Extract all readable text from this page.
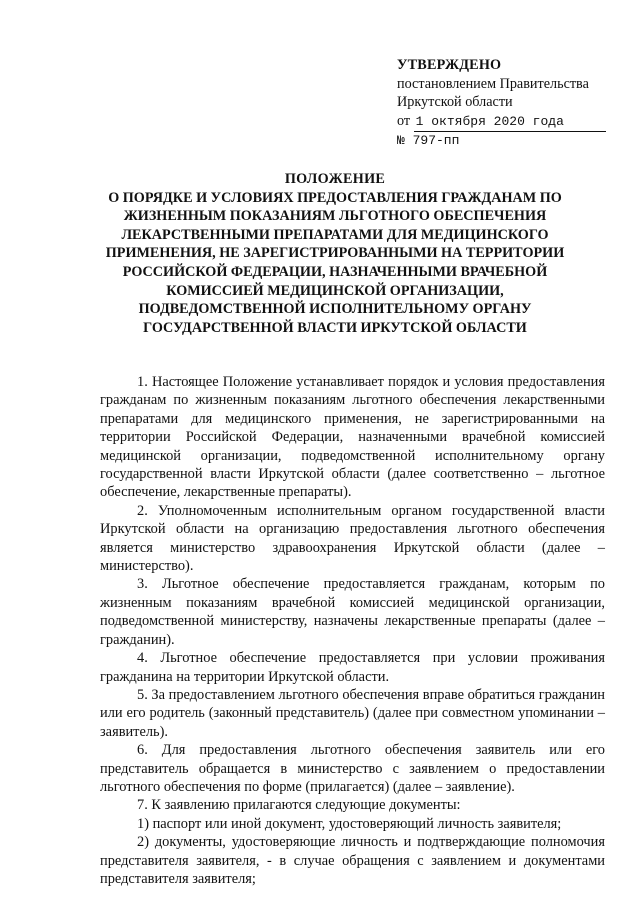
УТВЕРЖДЕНО
постановлением Правительства
Иркутской области
от 1 октября 2020 года
№ 797-пп
ПОЛОЖЕНИЕ
О ПОРЯДКЕ И УСЛОВИЯХ ПРЕДОСТАВЛЕНИЯ ГРАЖДАНАМ ПО ЖИЗНЕННЫМ ПОКАЗАНИЯМ ЛЬГОТНОГО ОБЕСПЕЧЕНИЯ ЛЕКАРСТВЕННЫМИ ПРЕПАРАТАМИ ДЛЯ МЕДИЦИНСКОГО ПРИМЕНЕНИЯ, НЕ ЗАРЕГИСТРИРОВАННЫМИ НА ТЕРРИТОРИИ РОССИЙСКОЙ ФЕДЕРАЦИИ, НАЗНАЧЕННЫМИ ВРАЧЕБНОЙ КОМИССИЕЙ МЕДИЦИНСКОЙ ОРГАНИЗАЦИИ, ПОДВЕДОМСТВЕННОЙ ИСПОЛНИТЕЛЬНОМУ ОРГАНУ ГОСУДАРСТВЕННОЙ ВЛАСТИ ИРКУТСКОЙ ОБЛАСТИ

1. Настоящее Положение устанавливает порядок и условия предоставления гражданам по жизненным показаниям льготного обеспечения лекарственными препаратами для медицинского применения, не зарегистрированными на территории Российской Федерации, назначенными врачебной комиссией медицинской организации, подведомственной исполнительному органу государственной власти Иркутской области (далее соответственно – льготное обеспечение, лекарственные препараты).

2. Уполномоченным исполнительным органом государственной власти Иркутской области на организацию предоставления льготного обеспечения является министерство здравоохранения Иркутской области (далее – министерство).

3. Льготное обеспечение предоставляется гражданам, которым по жизненным показаниям врачебной комиссией медицинской организации, подведомственной министерству, назначены лекарственные препараты (далее – гражданин).

4. Льготное обеспечение предоставляется при условии проживания гражданина на территории Иркутской области.

5. За предоставлением льготного обеспечения вправе обратиться гражданин или его родитель (законный представитель) (далее при совместном упоминании – заявитель).

6. Для предоставления льготного обеспечения заявитель или его представитель обращается в министерство с заявлением о предоставлении льготного обеспечения по форме (прилагается) (далее – заявление).

7. К заявлению прилагаются следующие документы:

1) паспорт или иной документ, удостоверяющий личность заявителя;

2) документы, удостоверяющие личность и подтверждающие полномочия представителя заявителя, - в случае обращения с заявлением и документами представителя заявителя;
